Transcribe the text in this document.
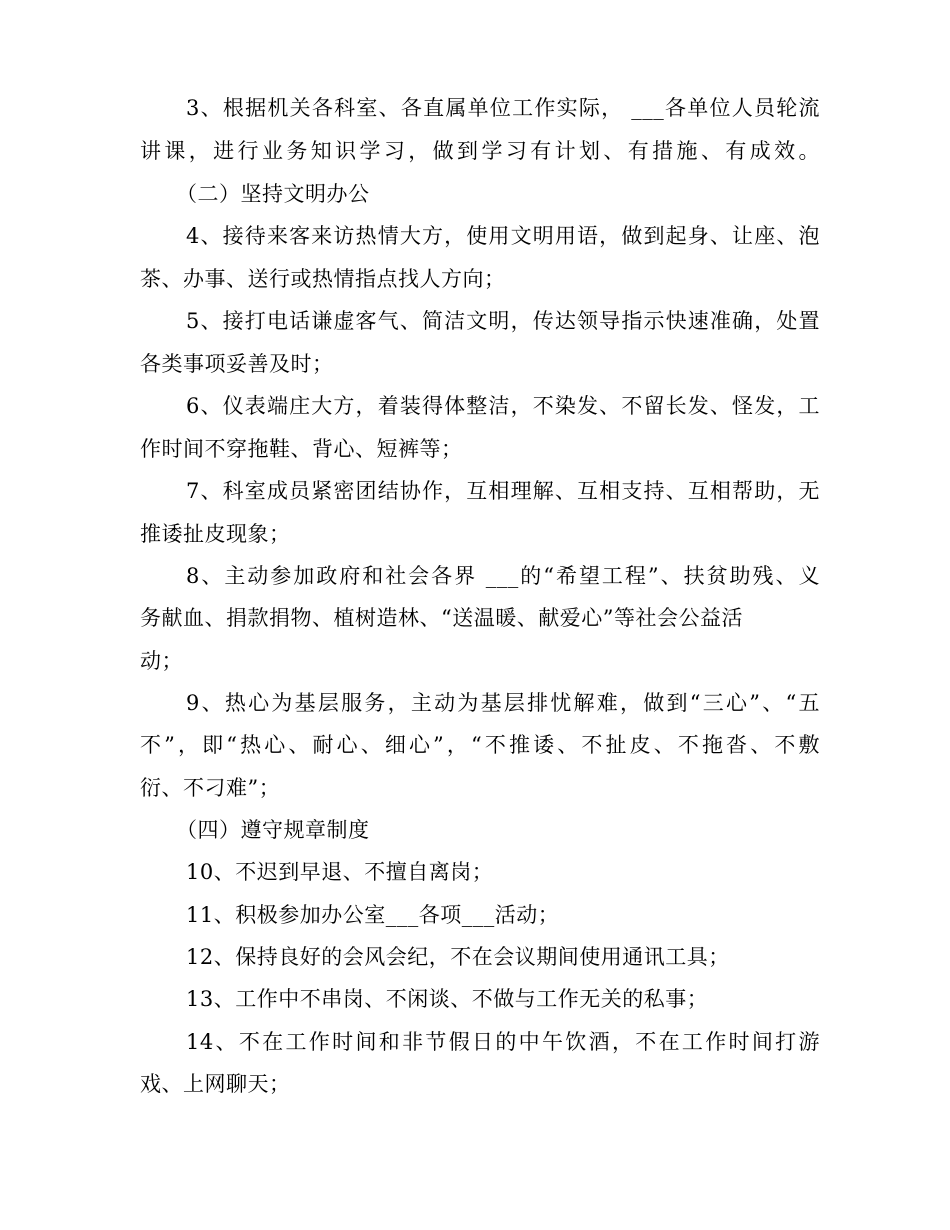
3、根据机关各科室、各直属单位工作实际， ___各单位人员轮流
讲课，进行业务知识学习，做到学习有计划、有措施、有成效。
（二）坚持文明办公
4、接待来客来访热情大方，使用文明用语，做到起身、让座、泡
茶、办事、送行或热情指点找人方向；
5、接打电话谦虚客气、简洁文明，传达领导指示快速准确，处置
各类事项妥善及时；
6、仪表端庄大方，着装得体整洁，不染发、不留长发、怪发，工
作时间不穿拖鞋、背心、短裤等；
7、科室成员紧密团结协作，互相理解、互相支持、互相帮助，无
推诿扯皮现象；
8、主动参加政府和社会各界 ___的“希望工程”、扶贫助残、义
务献血、捐款捐物、植树造林、“送温暖、献爱心”等社会公益活
动；
9、热心为基层服务，主动为基层排忧解难，做到“三心”、“五
不”，即“热心、耐心、细心”，“不推诿、不扯皮、不拖沓、不敷
衍、不刁难”；
（四）遵守规章制度
10、不迟到早退、不擅自离岗；
11、积极参加办公室___各项___活动；
12、保持良好的会风会纪，不在会议期间使用通讯工具；
13、工作中不串岗、不闲谈、不做与工作无关的私事；
14、不在工作时间和非节假日的中午饮酒，不在工作时间打游
戏、上网聊天；
